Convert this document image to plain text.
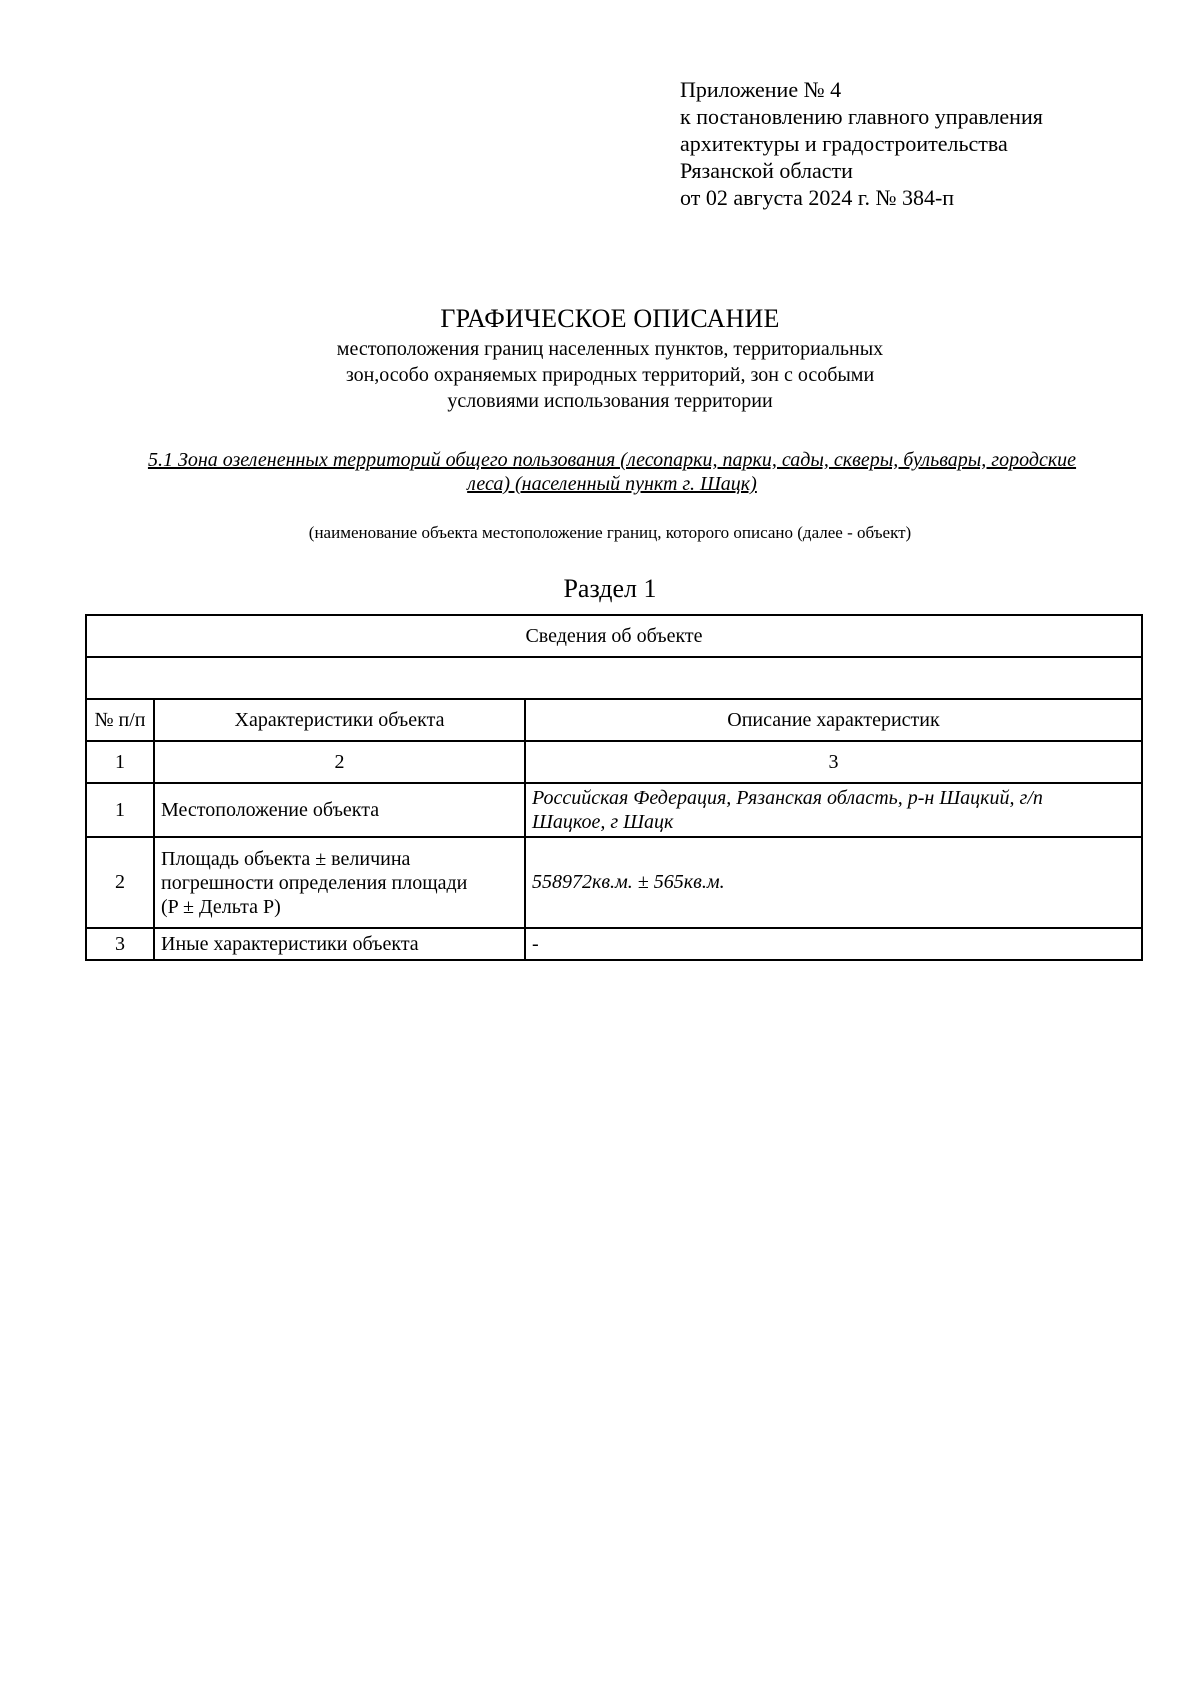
Приложение № 4
к постановлению главного управления
архитектуры и градостроительства
Рязанской области
от 02 августа 2024 г. № 384-п
ГРАФИЧЕСКОЕ ОПИСАНИЕ
местоположения границ населенных пунктов, территориальных
зон,особо охраняемых природных территорий, зон с особыми
условиями использования территории
5.1 Зона озелененных территорий общего пользования (лесопарки, парки, сады, скверы, бульвары, городские
леса) (населенный пункт г. Шацк)
(наименование объекта местоположение границ, которого описано (далее - объект)
Раздел 1
Сведения об объекте		

№ п/п	Характеристики объекта	Описание характеристик
1	2	3
1	Местоположение объекта	Российская Федерация, Рязанская область, р-н Шацкий, г/п
Шацкое, г Шацк

2	Площадь объекта ± величина
погрешности определения площади
(P ± Дельта P)	558972кв.м. ± 565кв.м.
3	Иные характеристики объекта	-
